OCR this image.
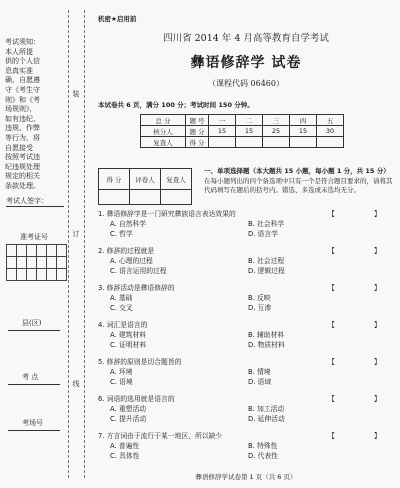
考试须知：
本人所提
供的个人信
息真实准
确，自愿遵
守《考生守
则》和《考
场规则》，
如有违纪、
违规、作弊
等行为，将
自愿接受
按照考试违
纪违规处理
规定的相关
条款处理。
考试人签字：
准考证号
县(区)
考 点
考场号
装
订
线
机密★启用前
四川省 2014 年 4 月高等教育自学考试
彝语修辞学 试卷
（课程代码 06460）
本试卷共 6 页，满分 100 分；考试时间 150 分钟。
总 分	题 号	一	二	三	四	五
核分人	题 分	15	15	25	15	30
复查人	得 分					
得 分	评卷人	复查人

一、单项选择题（本大题共 15 小题，每小题 1 分，共 15 分）
在每小题列出的四个备选项中只有一个是符合题目要求的，请将其代码填写在题后的括号内。错选、多选或未选均无分。
1. 彝语修辞学是一门研究彝族语言表达效果的	【	】
A. 自然科学	B. 社会科学
C. 哲学	D. 语言学
2. 修辞的过程就是	【	】
A. 心理的过程	B. 社会过程
C. 语言运用的过程	D. 逻辑过程
3. 修辞活动是彝语修辞的	【	】
A. 基础	B. 反映
C. 交叉	D. 互渗
4. 词汇是语言的	【	】
A. 建筑材料	B. 辅助材料
C. 证明材料	D. 物质材料
5. 修辞的原则是切合题旨的	【	】
A. 环境	B. 情境
C. 语境	D. 语域
6. 词语的选用就是语言的	【	】
A. 重塑活动	B. 加工活动
C. 提升活动	D. 延伸活动
7. 方言词由于流行于某一地区，所以缺少	【	】
A. 普遍性	B. 特殊性
C. 具体性	D. 代表性
彝语修辞学试卷第 1 页（共 6 页）
